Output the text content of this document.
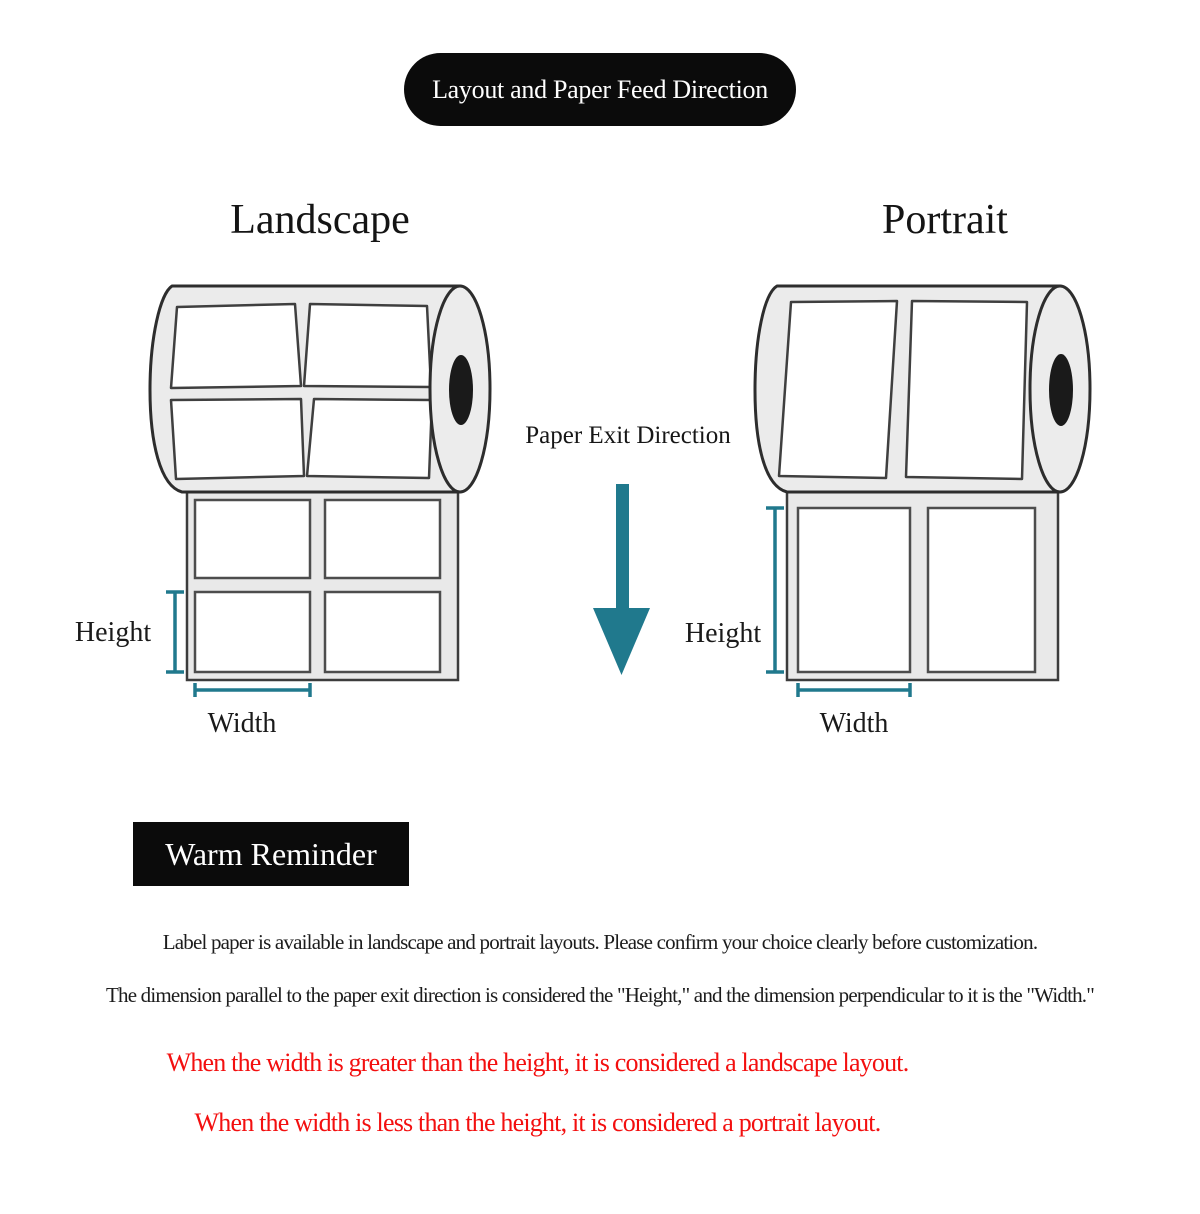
Layout and Paper Feed Direction
Landscape	Portrait
Height
Width
Paper Exit Direction
Height
Width
Warm Reminder
Label paper is available in landscape and portrait layouts. Please confirm your choice clearly before customization.
The dimension parallel to the paper exit direction is considered the "Height," and the dimension perpendicular to it is the "Width."
When the width is greater than the height, it is considered a landscape layout.
When the width is less than the height, it is considered a portrait layout.
